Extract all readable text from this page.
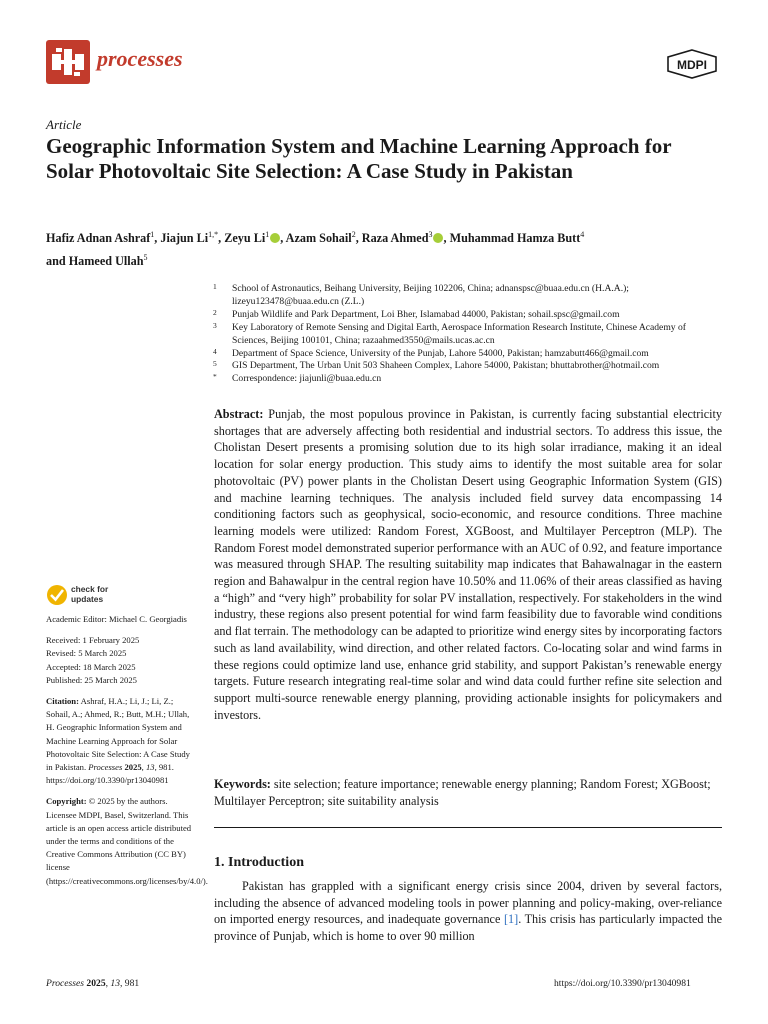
processes	MDPI
Article
Geographic Information System and Machine Learning Approach for Solar Photovoltaic Site Selection: A Case Study in Pakistan
Hafiz Adnan Ashraf$^1$, Jiajun $Li^{1,*}$, Zeyu Li$^1$ , Azam Sohail$^2$, Raza Ahmed$^3$ , Muhammad Hamza Butt$^4$
and Hameed Ullah$^5$
1 School of Astronautics, Beihang University, Beijing 102206, China; adnanspsc@buaa.edu.cn (H.A.A.); lizeyu123478@buaa.edu.cn (Z.L.)
2 Punjab Wildlife and Park Department, Loi Bher, Islamabad 44000, Pakistan; sohail.spsc@gmail.com
3 Key Laboratory of Remote Sensing and Digital Earth, Aerospace Information Research Institute, Chinese Academy of Sciences, Beijing 100101, China; razaahmed3550@mails.ucas.ac.cn
4 Department of Space Science, University of the Punjab, Lahore 54000, Pakistan; hamzabutt466@gmail.com
5 GIS Department, The Urban Unit 503 Shaheen Complex, Lahore 54000, Pakistan; bhuttabrother@hotmail.com
* Correspondence: jiajunli@buaa.edu.cn

Abstract: Punjab, the most populous province in Pakistan, is currently facing substantial electricity shortages that are adversely affecting both residential and industrial sectors. To address this issue, the Cholistan Desert presents a promising solution due to its high solar irradiance, making it an ideal location for solar energy production. This study aims to identify the most suitable area for solar photovoltaic (PV) power plants in the Cholistan Desert using Geographic Information System (GIS) and machine learning techniques. The analysis included field survey data encompassing 14 conditioning factors such as geophysical, socio-economic, and resource conditions. Three machine learning models were utilized: Random Forest, XGBoost, and Multilayer Perceptron (MLP). The Random Forest model demonstrated superior performance with an AUC of 0.92, and feature importance was measured through SHAP. The resulting suitability map indicates that Bahawalnagar in the eastern region and Bahawalpur in the central region have 10.50% and 11.06% of their areas classified as having a “high” and “very high” probability for solar PV installation, respectively. For stakeholders in the wind industry, these regions also present potential for wind farm feasibility due to favorable wind conditions and flat terrain. The methodology can be adapted to prioritize wind energy sites by incorporating factors such as land availability, wind direction, and other related factors. Co-locating solar and wind farms in these regions could optimize land use, enhance grid stability, and support Pakistan’s renewable energy targets. Future research integrating real-time solar and wind data could further refine site selection and support multi-source renewable energy planning, providing actionable insights for policymakers and investors.

Keywords: site selection; feature importance; renewable energy planning; Random Forest; XGBoost; Multilayer Perceptron; site suitability analysis

1. Introduction

Pakistan has grappled with a significant energy crisis since 2004, driven by several factors, including the absence of advanced modeling tools in power planning and policy-making, over-reliance on imported energy resources, and inadequate governance [1]. This crisis has particularly impacted the province of Punjab, which is home to over 90 million

check for
updates
Academic Editor: Michael C. Georgiadis
Received: 1 February 2025
Revised: 5 March 2025
Accepted: 18 March 2025
Published: 25 March 2025
Citation: Ashraf, H.A.; Li, J.; Li, Z.; Sohail, A.; Ahmed, R.; Butt, M.H.; Ullah, H. Geographic Information System and Machine Learning Approach for Solar Photovoltaic Site Selection: A Case Study in Pakistan. Processes 2025, 13, 981. https://doi.org/10.3390/pr13040981
Copyright: © 2025 by the authors. Licensee MDPI, Basel, Switzerland. This article is an open access article distributed under the terms and conditions of the Creative Commons Attribution (CC BY) license (https://creativecommons.org/licenses/by/4.0/).
Processes 2025, 13, 981	https://doi.org/10.3390/pr13040981
